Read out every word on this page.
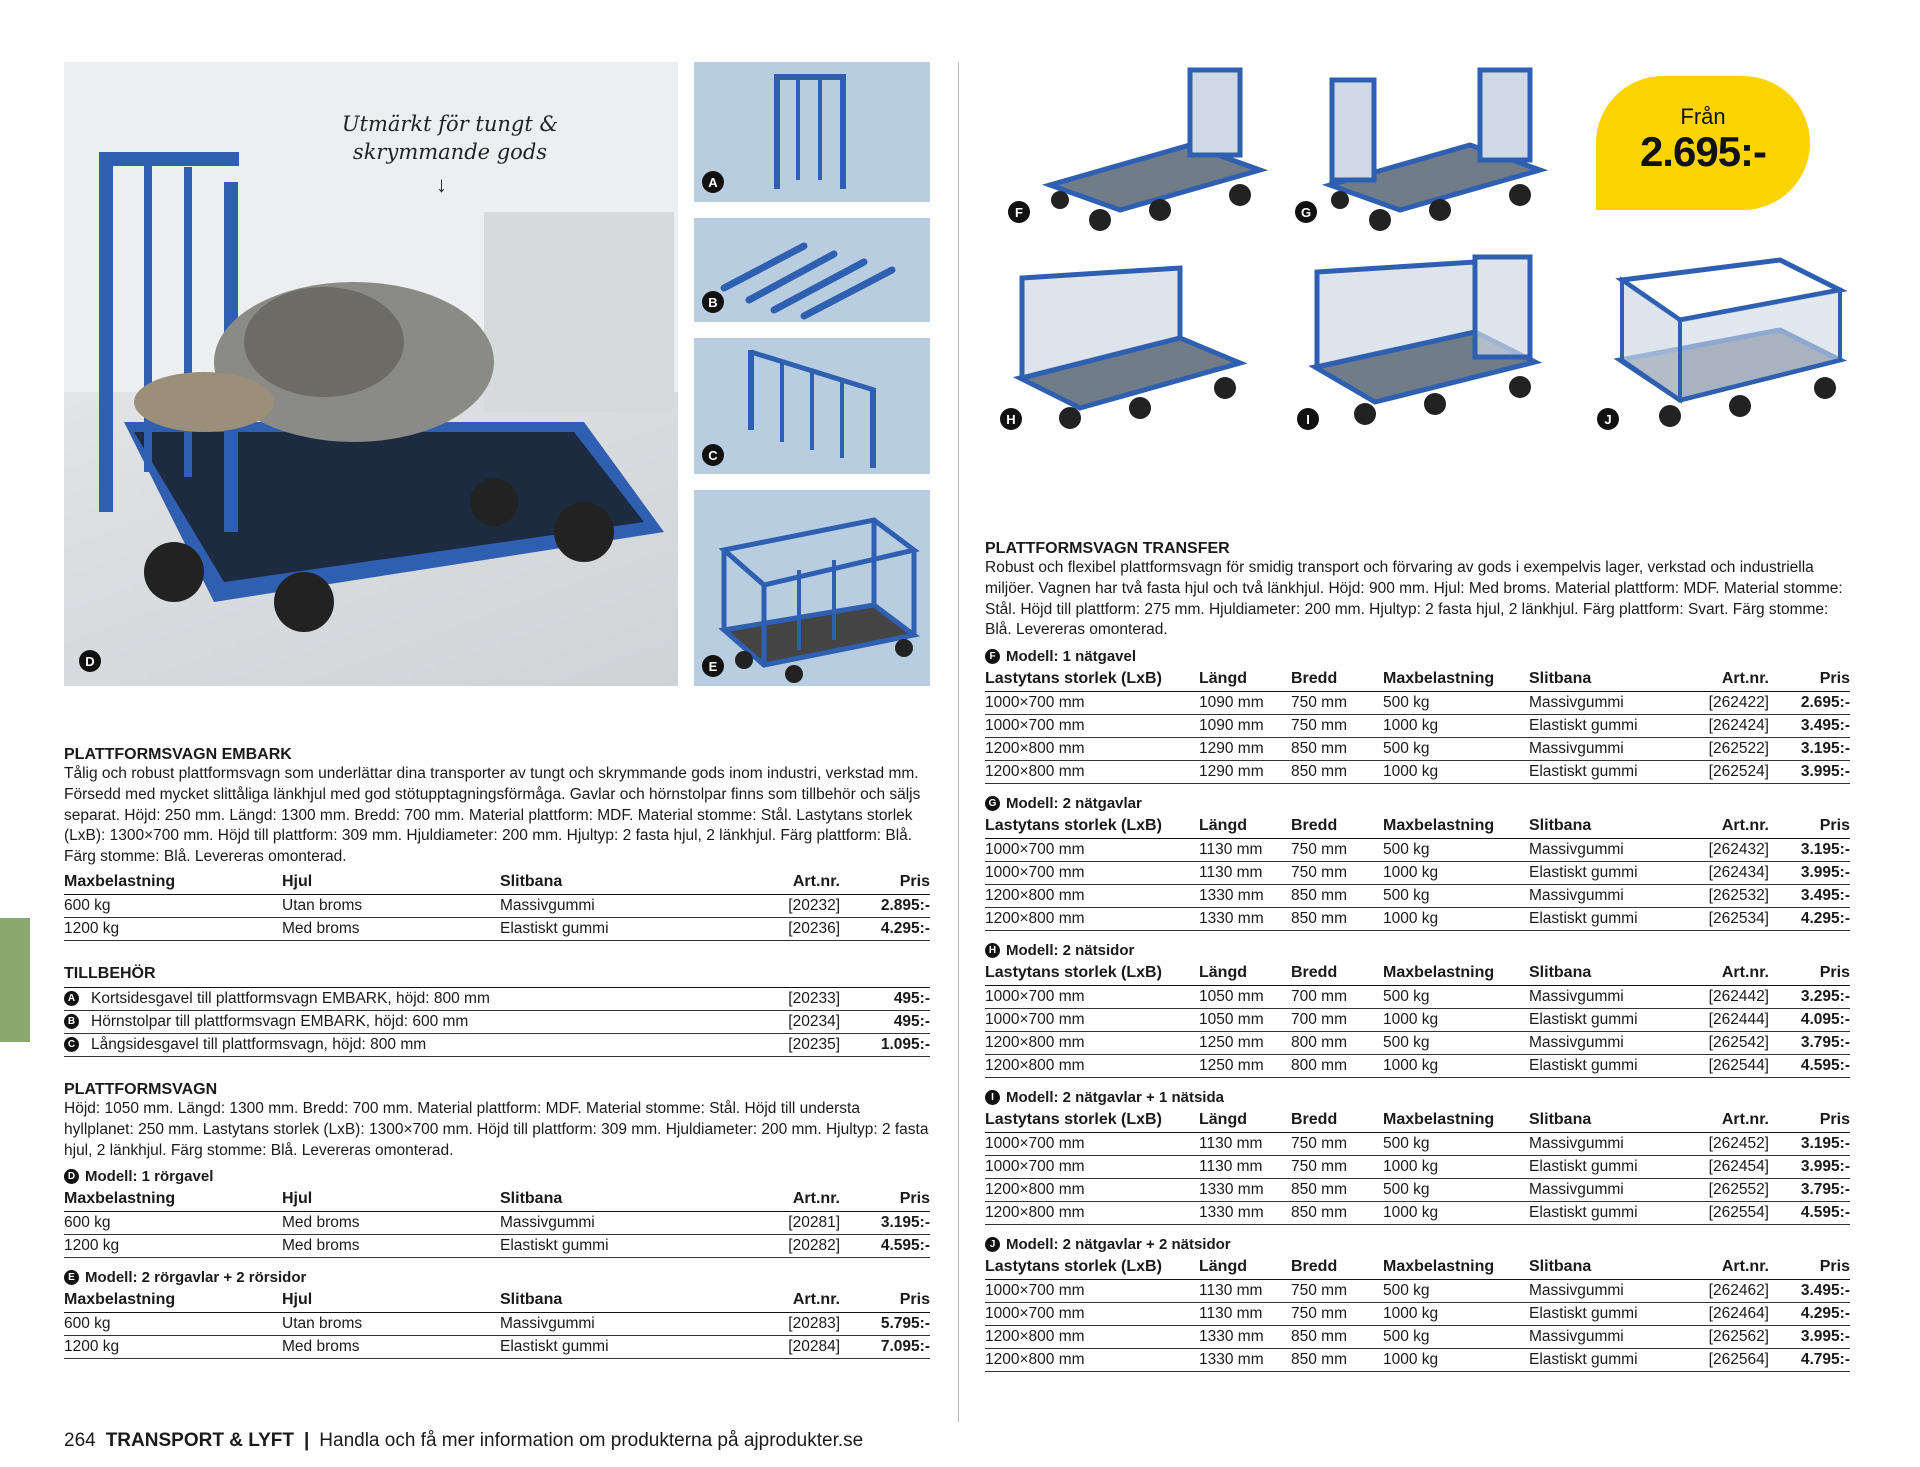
Utmärkt för tungt & skrymmande gods
↓
D
A
B
C
E
F	G
Från
2.695:-
H	I	J
PLATTFORMSVAGN EMBARK
Tålig och robust plattformsvagn som underlättar dina transporter av tungt och skrymmande gods inom industri, verkstad mm. Försedd med mycket slittåliga länkhjul med god stötupptagningsförmåga. Gavlar och hörnstolpar finns som tillbehör och säljs separat. Höjd: 250 mm. Längd: 1300 mm. Bredd: 700 mm. Material plattform: MDF. Material stomme: Stål. Lastytans storlek (LxB): 1300×700 mm. Höjd till plattform: 309 mm. Hjuldiameter: 200 mm. Hjultyp: 2 fasta hjul, 2 länkhjul. Färg plattform: Blå. Färg stomme: Blå. Levereras omonterad.
Maxbelastning	Hjul	Slitbana	Art.nr.	Pris
600 kg	Utan broms	Massivgummi	[20232]	2.895:-
1200 kg	Med broms	Elastiskt gummi	[20236]	4.295:-
TILLBEHÖR
A Kortsidesgavel till plattformsvagn EMBARK, höjd: 800 mm	[20233]	495:-
B Hörnstolpar till plattformsvagn EMBARK, höjd: 600 mm	[20234]	495:-
C Långsidesgavel till plattformsvagn, höjd: 800 mm	[20235]	1.095:-
PLATTFORMSVAGN
Höjd: 1050 mm. Längd: 1300 mm. Bredd: 700 mm. Material plattform: MDF. Material stomme: Stål. Höjd till understa hyllplanet: 250 mm. Lastytans storlek (LxB): 1300×700 mm. Höjd till plattform: 309 mm. Hjuldiameter: 200 mm. Hjultyp: 2 fasta hjul, 2 länkhjul. Färg stomme: Blå. Levereras omonterad.
D Modell: 1 rörgavel
Maxbelastning	Hjul	Slitbana	Art.nr.	Pris
600 kg	Med broms	Massivgummi	[20281]	3.195:-
1200 kg	Med broms	Elastiskt gummi	[20282]	4.595:-
E Modell: 2 rörgavlar + 2 rörsidor
Maxbelastning	Hjul	Slitbana	Art.nr.	Pris
600 kg	Utan broms	Massivgummi	[20283]	5.795:-
1200 kg	Med broms	Elastiskt gummi	[20284]	7.095:-
PLATTFORMSVAGN TRANSFER
Robust och flexibel plattformsvagn för smidig transport och förvaring av gods i exempelvis lager, verkstad och industriella miljöer. Vagnen har två fasta hjul och två länkhjul. Höjd: 900 mm. Hjul: Med broms. Material plattform: MDF. Material stomme: Stål. Höjd till plattform: 275 mm. Hjuldiameter: 200 mm. Hjultyp: 2 fasta hjul, 2 länkhjul. Färg plattform: Svart. Färg stomme: Blå. Levereras omonterad.
F Modell: 1 nätgavel
Lastytans storlek (LxB)	Längd	Bredd	Maxbelastning	Slitbana	Art.nr.	Pris
1000×700 mm	1090 mm	750 mm	500 kg	Massivgummi	[262422]	2.695:-
1000×700 mm	1090 mm	750 mm	1000 kg	Elastiskt gummi	[262424]	3.495:-
1200×800 mm	1290 mm	850 mm	500 kg	Massivgummi	[262522]	3.195:-
1200×800 mm	1290 mm	850 mm	1000 kg	Elastiskt gummi	[262524]	3.995:-
G Modell: 2 nätgavlar
Lastytans storlek (LxB)	Längd	Bredd	Maxbelastning	Slitbana	Art.nr.	Pris
1000×700 mm	1130 mm	750 mm	500 kg	Massivgummi	[262432]	3.195:-
1000×700 mm	1130 mm	750 mm	1000 kg	Elastiskt gummi	[262434]	3.995:-
1200×800 mm	1330 mm	850 mm	500 kg	Massivgummi	[262532]	3.495:-
1200×800 mm	1330 mm	850 mm	1000 kg	Elastiskt gummi	[262534]	4.295:-
H Modell: 2 nätsidor
Lastytans storlek (LxB)	Längd	Bredd	Maxbelastning	Slitbana	Art.nr.	Pris
1000×700 mm	1050 mm	700 mm	500 kg	Massivgummi	[262442]	3.295:-
1000×700 mm	1050 mm	700 mm	1000 kg	Elastiskt gummi	[262444]	4.095:-
1200×800 mm	1250 mm	800 mm	500 kg	Massivgummi	[262542]	3.795:-
1200×800 mm	1250 mm	800 mm	1000 kg	Elastiskt gummi	[262544]	4.595:-
I Modell: 2 nätgavlar + 1 nätsida
Lastytans storlek (LxB)	Längd	Bredd	Maxbelastning	Slitbana	Art.nr.	Pris
1000×700 mm	1130 mm	750 mm	500 kg	Massivgummi	[262452]	3.195:-
1000×700 mm	1130 mm	750 mm	1000 kg	Elastiskt gummi	[262454]	3.995:-
1200×800 mm	1330 mm	850 mm	500 kg	Massivgummi	[262552]	3.795:-
1200×800 mm	1330 mm	850 mm	1000 kg	Elastiskt gummi	[262554]	4.595:-
J Modell: 2 nätgavlar + 2 nätsidor
Lastytans storlek (LxB)	Längd	Bredd	Maxbelastning	Slitbana	Art.nr.	Pris
1000×700 mm	1130 mm	750 mm	500 kg	Massivgummi	[262462]	3.495:-
1000×700 mm	1130 mm	750 mm	1000 kg	Elastiskt gummi	[262464]	4.295:-
1200×800 mm	1330 mm	850 mm	500 kg	Massivgummi	[262562]	3.995:-
1200×800 mm	1330 mm	850 mm	1000 kg	Elastiskt gummi	[262564]	4.795:-
264 TRANSPORT & LYFT | Handla och få mer information om produkterna på ajprodukter.se
